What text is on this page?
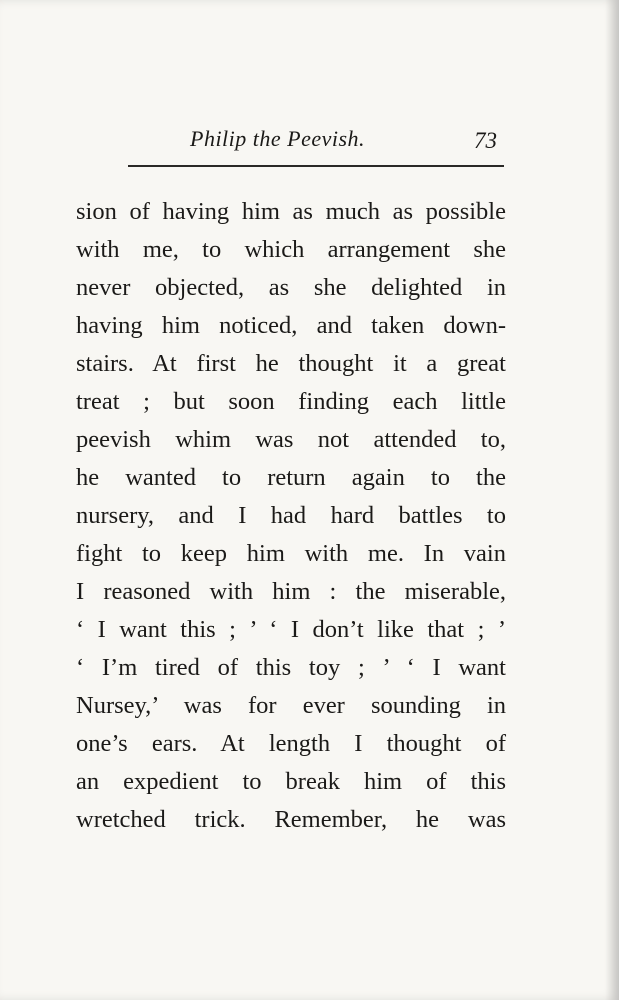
Philip the Peevish.	73
sion of having him as much as possible
with me, to which arrangement she
never objected, as she delighted in
having him noticed, and taken down-
stairs. At first he thought it a great
treat ; but soon finding each little
peevish whim was not attended to,
he wanted to return again to the
nursery, and I had hard battles to
fight to keep him with me. In vain
I reasoned with him : the miserable,
‘ I want this ; ’ ‘ I don’t like that ; ’
‘ I’m tired of this toy ; ’ ‘ I want
Nursey,’ was for ever sounding in
one’s ears. At length I thought of
an expedient to break him of this
wretched trick. Remember, he was
